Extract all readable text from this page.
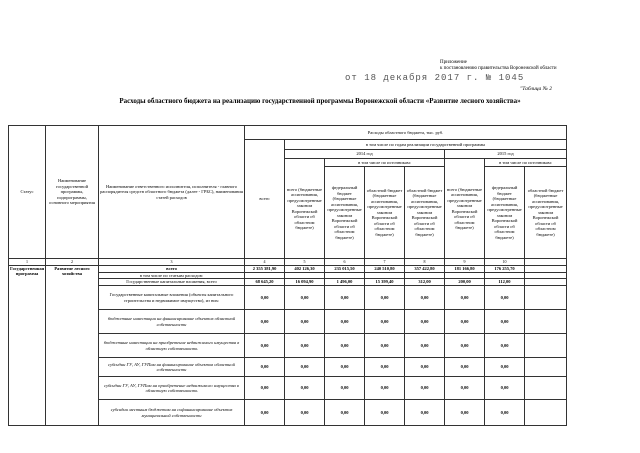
Приложение
к постановлению правительства Воронежской области
от 18 декабря 2017 г. № 1045
"Таблица № 2
Расходы областного бюджета на реализацию государственной программы Воронежской области «Развитие лесного хозяйства»
Статус	Наименование государственной программы, подпрограммы, основного мероприятия	Наименование ответственного исполнителя, исполнителя - главного распорядителя средств областного бюджета (далее - ГРБС), наименования статей расходов	Расходы областного бюджета, тыс. руб.							
			всего	в том числе по годам реализации государственной программы						
				2014 год				2015 год		
				всего (бюджетные ассигнования, предусмотренные законом Воронежской области об областном бюджете)	в том числе по источникам:			всего (бюджетные ассигнования, предусмотренные законом Воронежской области об областном бюджете)	в том числе по источникам:	
					федеральный бюджет (бюджетные ассигнования, предусмотренные законом Воронежской области об областном бюджете)	областной бюджет (бюджетные ассигнования, предусмотренные законом Воронежской области об областном бюджете)	областной бюджет (бюджетные ассигнования, предусмотренные законом Воронежской области об областном бюджете)		федеральный бюджет (бюджетные ассигнования, предусмотренные законом Воронежской области об областном бюджете)	областной бюджет (бюджетные ассигнования, предусмотренные законом Воронежской области об областном бюджете)
1	2	3	4	5	6	7	8	9	10	
Государственная программа	Развитие лесного хозяйства	всего	2 355 381,90	402 126,30	235 015,50	240 510,80	357 422,80	181 166,80	176 255,70	
		в том числе по статьям расходов:								
		Государственные капитальные вложения, всего	68 645,20	16 094,90	1 496,00	15 399,40	312,00	200,00	112,00	
		Государственные капитальные вложения (объекты капитального строительства и недвижимое имущество), из них:	0,00	0,00	0,00	0,00	0,00	0,00	0,00	
		бюджетные инвестиции на финансирование объектов областной собственности	0,00	0,00	0,00	0,00	0,00	0,00	0,00	
		бюджетные инвестиции на приобретение недвижимого имущества в областную собственность	0,00	0,00	0,00	0,00	0,00	0,00	0,00	
		субсидии ГУ, АУ, ГУПам на финансирование объектов областной собственности	0,00	0,00	0,00	0,00	0,00	0,00	0,00	
		субсидии ГУ, АУ, ГУПам на приобретение недвижимого имущества в областную собственность	0,00	0,00	0,00	0,00	0,00	0,00	0,00	
		субсидии местным бюджетам на софинансирование объектов муниципальной собственности	0,00	0,00	0,00	0,00	0,00	0,00	0,00	
